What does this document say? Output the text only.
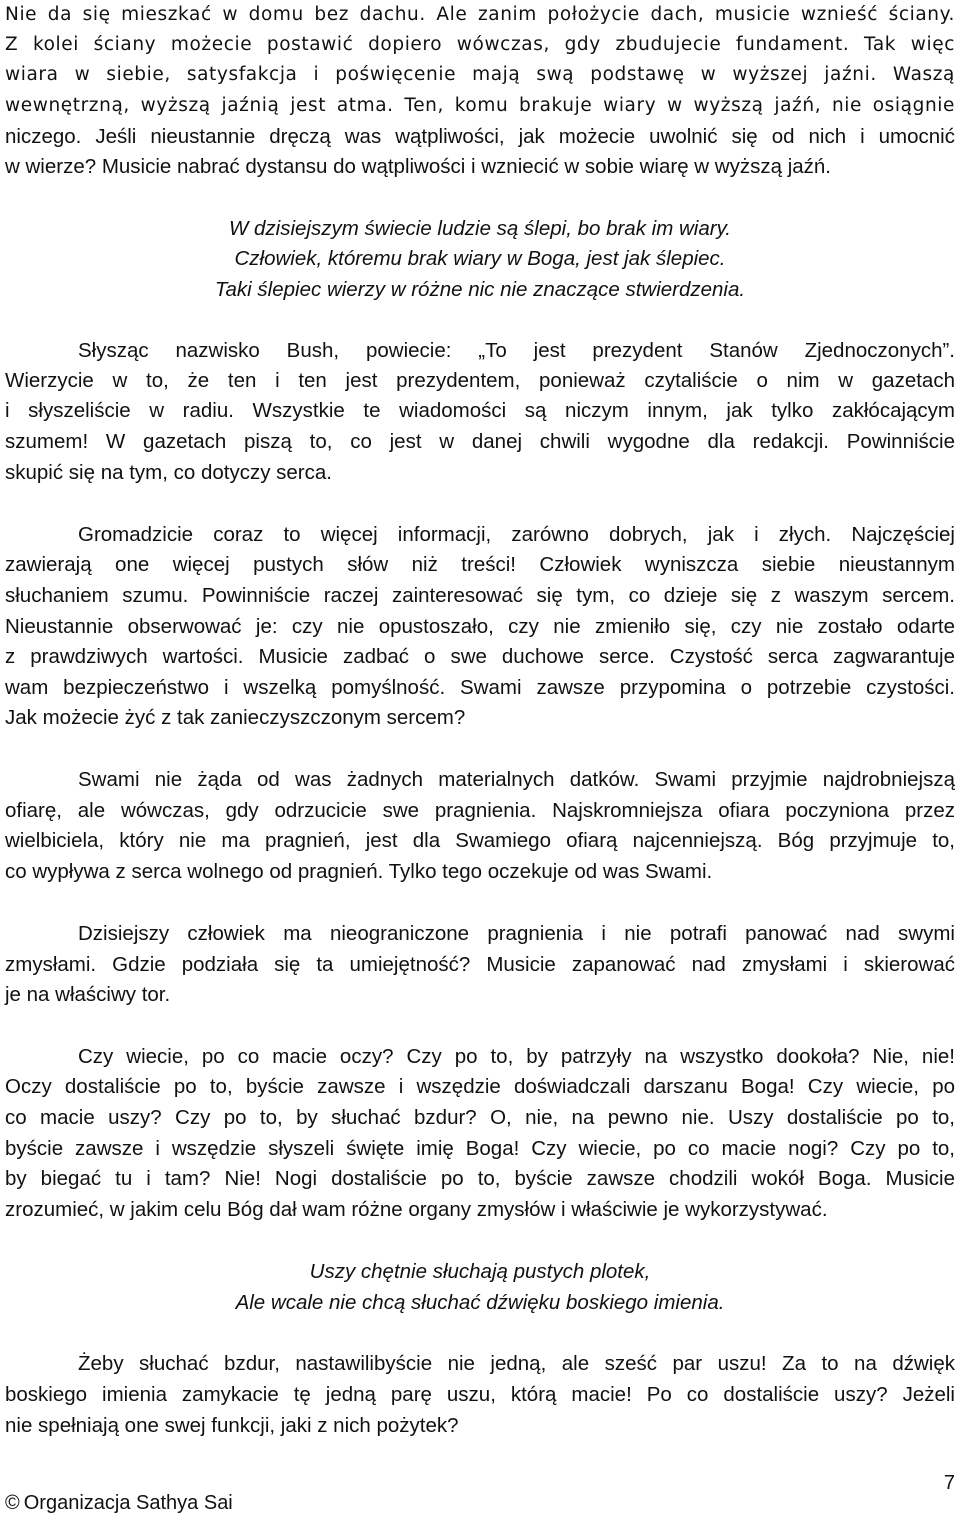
Nie da się mieszkać w domu bez dachu. Ale zanim położycie dach, musicie wznieść ściany.
Z kolei ściany możecie postawić dopiero wówczas, gdy zbudujecie fundament. Tak więc
wiara w siebie, satysfakcja i poświęcenie mają swą podstawę w wyższej jaźni. Waszą
wewnętrzną, wyższą jaźnią jest atma. Ten, komu brakuje wiary w wyższą jaźń, nie osiągnie
niczego. Jeśli nieustannie dręczą was wątpliwości, jak możecie uwolnić się od nich i umocnić
w wierze? Musicie nabrać dystansu do wątpliwości i wzniecić w sobie wiarę w wyższą jaźń.
W dzisiejszym świecie ludzie są ślepi, bo brak im wiary.
Człowiek, któremu brak wiary w Boga, jest jak ślepiec.
Taki ślepiec wierzy w różne nic nie znaczące stwierdzenia.
Słysząc nazwisko Bush, powiecie: „To jest prezydent Stanów Zjednoczonych”.
Wierzycie w to, że ten i ten jest prezydentem, ponieważ czytaliście o nim w gazetach
i słyszeliście w radiu. Wszystkie te wiadomości są niczym innym, jak tylko zakłócającym
szumem! W gazetach piszą to, co jest w danej chwili wygodne dla redakcji. Powinniście
skupić się na tym, co dotyczy serca.
Gromadzicie coraz to więcej informacji, zarówno dobrych, jak i złych. Najczęściej
zawierają one więcej pustych słów niż treści! Człowiek wyniszcza siebie nieustannym
słuchaniem szumu. Powinniście raczej zainteresować się tym, co dzieje się z waszym sercem.
Nieustannie obserwować je: czy nie opustoszało, czy nie zmieniło się, czy nie zostało odarte
z prawdziwych wartości. Musicie zadbać o swe duchowe serce. Czystość serca zagwarantuje
wam bezpieczeństwo i wszelką pomyślność. Swami zawsze przypomina o potrzebie czystości.
Jak możecie żyć z tak zanieczyszczonym sercem?
Swami nie żąda od was żadnych materialnych datków. Swami przyjmie najdrobniejszą
ofiarę, ale wówczas, gdy odrzucicie swe pragnienia. Najskromniejsza ofiara poczyniona przez
wielbiciela, który nie ma pragnień, jest dla Swamiego ofiarą najcenniejszą. Bóg przyjmuje to,
co wypływa z serca wolnego od pragnień. Tylko tego oczekuje od was Swami.
Dzisiejszy człowiek ma nieograniczone pragnienia i nie potrafi panować nad swymi
zmysłami. Gdzie podziała się ta umiejętność? Musicie zapanować nad zmysłami i skierować
je na właściwy tor.
Czy wiecie, po co macie oczy? Czy po to, by patrzyły na wszystko dookoła? Nie, nie!
Oczy dostaliście po to, byście zawsze i wszędzie doświadczali darszanu Boga! Czy wiecie, po
co macie uszy? Czy po to, by słuchać bzdur? O, nie, na pewno nie. Uszy dostaliście po to,
byście zawsze i wszędzie słyszeli święte imię Boga! Czy wiecie, po co macie nogi? Czy po to,
by biegać tu i tam? Nie! Nogi dostaliście po to, byście zawsze chodzili wokół Boga. Musicie
zrozumieć, w jakim celu Bóg dał wam różne organy zmysłów i właściwie je wykorzystywać.
Uszy chętnie słuchają pustych plotek,
Ale wcale nie chcą słuchać dźwięku boskiego imienia.
Żeby słuchać bzdur, nastawilibyście nie jedną, ale sześć par uszu! Za to na dźwięk
boskiego imienia zamykacie tę jedną parę uszu, którą macie! Po co dostaliście uszy? Jeżeli
nie spełniają one swej funkcji, jaki z nich pożytek?
© Organizacja Sathya Sai
7
